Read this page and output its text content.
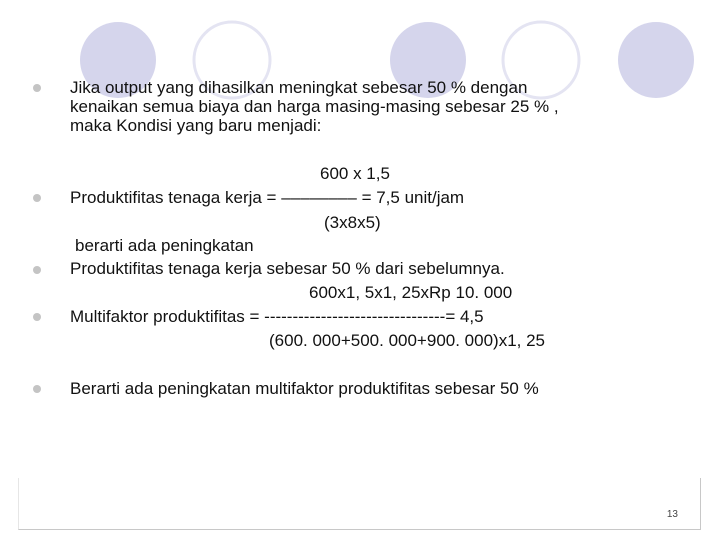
Jika output yang dihasilkan meningkat sebesar 50 % dengan
kenaikan semua biaya dan harga masing-masing sebesar 25 % ,
maka Kondisi yang baru menjadi:
600 x 1,5
Produktifitas tenaga kerja = –––––––– = 7,5 unit/jam
(3x8x5)
berarti ada peningkatan
Produktifitas tenaga kerja sebesar 50 % dari sebelumnya.
600x1, 5x1, 25xRp 10. 000
Multifaktor produktifitas = --------------------------------= 4,5
(600. 000+500. 000+900. 000)x1, 25
Berarti ada peningkatan multifaktor produktifitas sebesar 50 %
13
